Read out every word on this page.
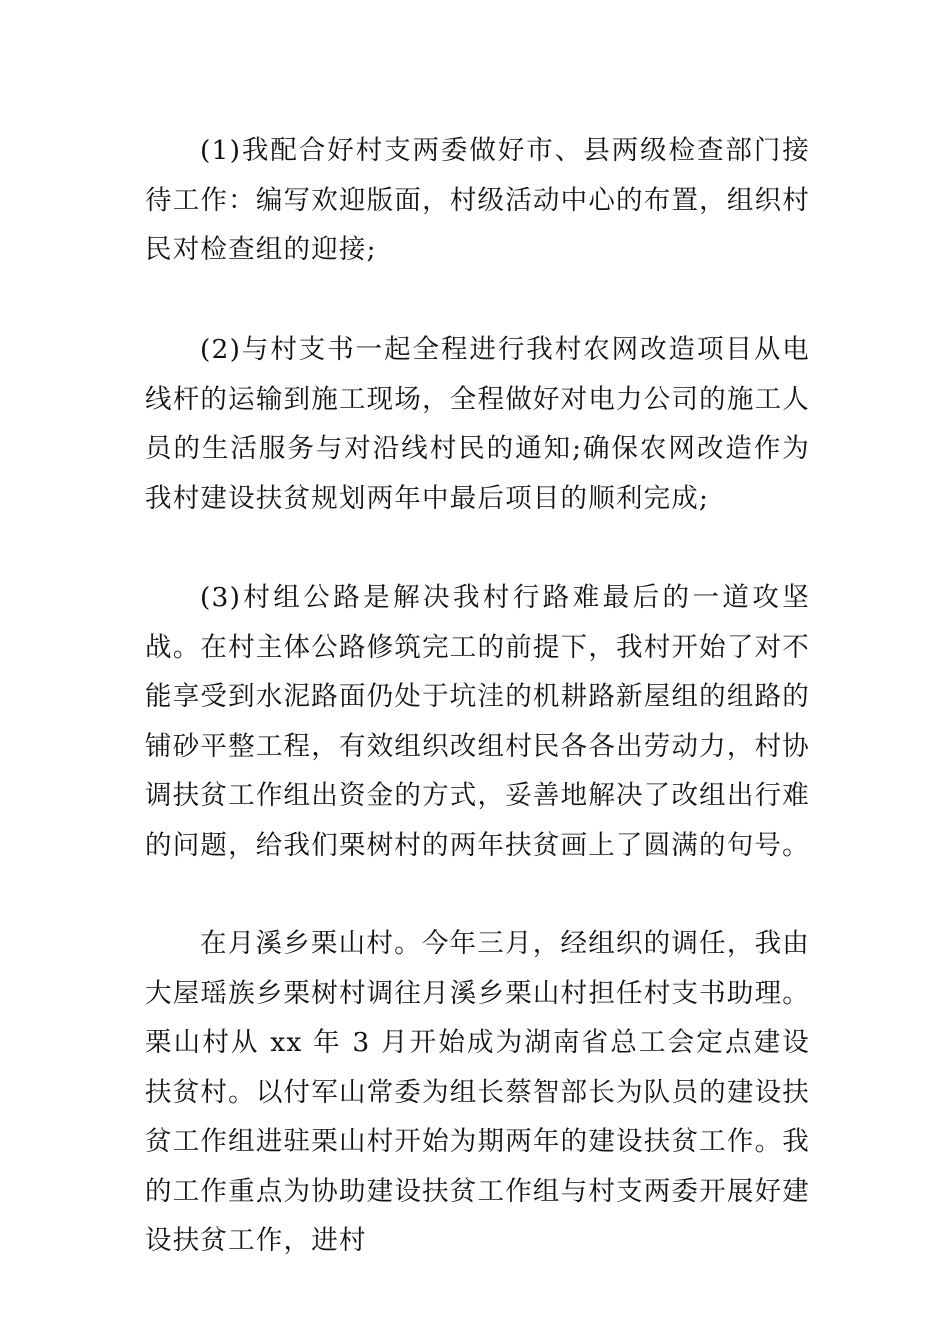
(1)我配合好村支两委做好市、县两级检查部门接待工作：编写欢迎版面，村级活动中心的布置，组织村民对检查组的迎接;

(2)与村支书一起全程进行我村农网改造项目从电线杆的运输到施工现场，全程做好对电力公司的施工人员的生活服务与对沿线村民的通知;确保农网改造作为我村建设扶贫规划两年中最后项目的顺利完成;

(3)村组公路是解决我村行路难最后的一道攻坚战。在村主体公路修筑完工的前提下，我村开始了对不能享受到水泥路面仍处于坑洼的机耕路新屋组的组路的铺砂平整工程，有效组织改组村民各各出劳动力，村协调扶贫工作组出资金的方式，妥善地解决了改组出行难的问题，给我们栗树村的两年扶贫画上了圆满的句号。

在月溪乡栗山村。今年三月，经组织的调任，我由大屋瑶族乡栗树村调往月溪乡栗山村担任村支书助理。栗山村从 xx 年 3 月开始成为湖南省总工会定点建设扶贫村。以付军山常委为组长蔡智部长为队员的建设扶贫工作组进驻栗山村开始为期两年的建设扶贫工作。我的工作重点为协助建设扶贫工作组与村支两委开展好建设扶贫工作，进村
